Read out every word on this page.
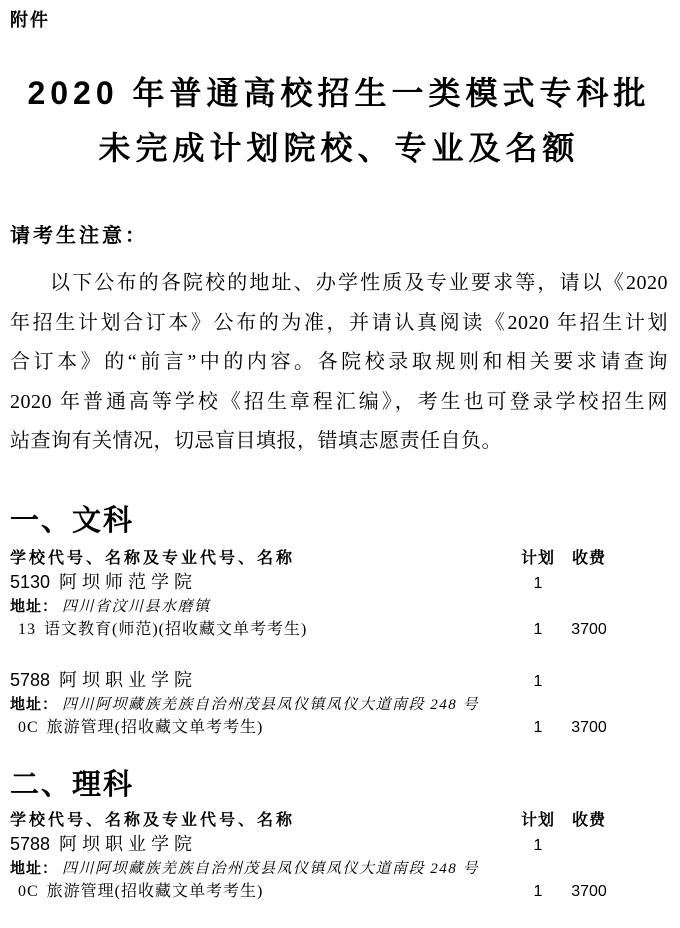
附件
2020 年普通高校招生一类模式专科批
未完成计划院校、专业及名额
请考生注意：
以下公布的各院校的地址、办学性质及专业要求等，请以《2020
年招生计划合订本》公布的为准，并请认真阅读《2020 年招生计划
合订本》的“前言”中的内容。各院校录取规则和相关要求请查询
2020 年普通高等学校《招生章程汇编》，考生也可登录学校招生网
站查询有关情况，切忌盲目填报，错填志愿责任自负。
一、文科
学校代号、名称及专业代号、名称	计划	收费
5130 阿坝师范学院	1
地址： 四川省汶川县水磨镇
13 语文教育(师范)(招收藏文单考考生)	1	3700
5788 阿坝职业学院	1
地址： 四川阿坝藏族羌族自治州茂县凤仪镇凤仪大道南段 248 号
0C 旅游管理(招收藏文单考考生)	1	3700
二、理科
学校代号、名称及专业代号、名称	计划	收费
5788 阿坝职业学院	1
地址： 四川阿坝藏族羌族自治州茂县凤仪镇凤仪大道南段 248 号
0C 旅游管理(招收藏文单考考生)	1	3700
